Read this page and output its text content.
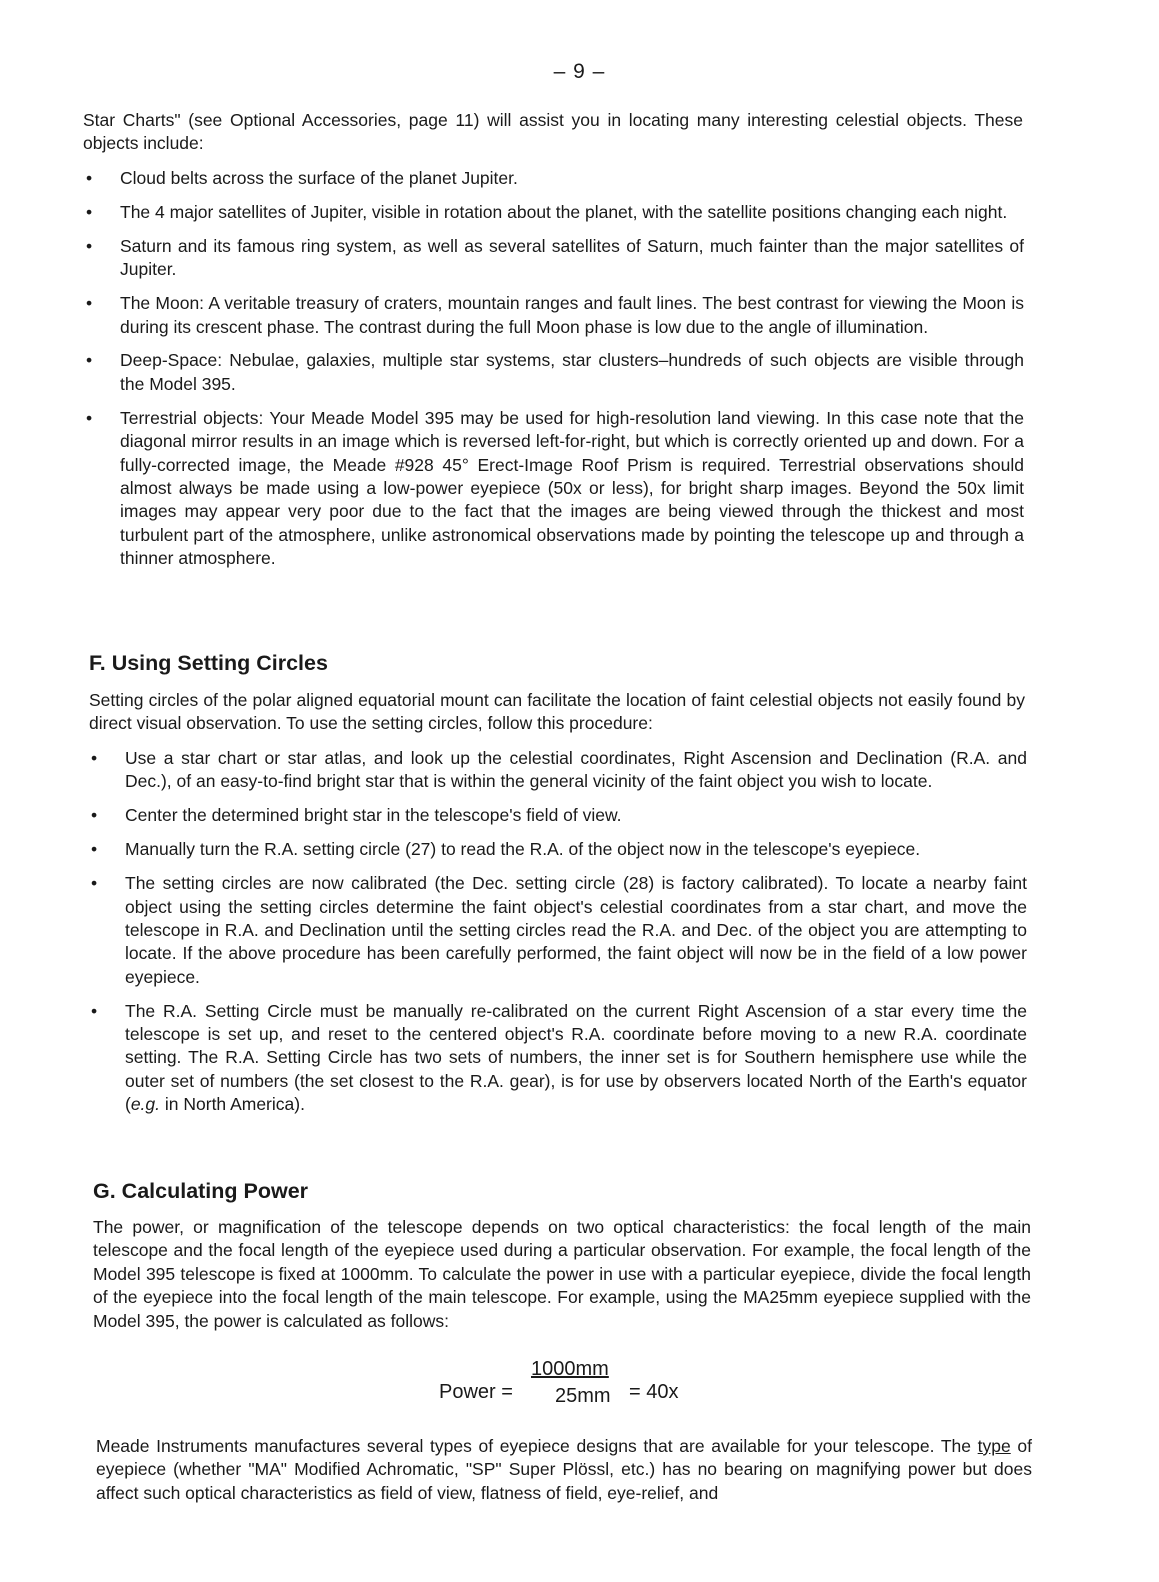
– 9 –

Star Charts" (see Optional Accessories, page 11) will assist you in locating many interesting celestial objects. These objects include:

• Cloud belts across the surface of the planet Jupiter.
• The 4 major satellites of Jupiter, visible in rotation about the planet, with the satellite positions changing each night.
• Saturn and its famous ring system, as well as several satellites of Saturn, much fainter than the major satellites of Jupiter.
• The Moon: A veritable treasury of craters, mountain ranges and fault lines. The best contrast for viewing the Moon is during its crescent phase. The contrast during the full Moon phase is low due to the angle of illumination.
• Deep-Space: Nebulae, galaxies, multiple star systems, star clusters–hundreds of such objects are visible through the Model 395.
• Terrestrial objects: Your Meade Model 395 may be used for high-resolution land viewing. In this case note that the diagonal mirror results in an image which is reversed left-for-right, but which is correctly oriented up and down. For a fully-corrected image, the Meade #928 45° Erect-Image Roof Prism is required. Terrestrial observations should almost always be made using a low-power eyepiece (50x or less), for bright sharp images. Beyond the 50x limit images may appear very poor due to the fact that the images are being viewed through the thickest and most turbulent part of the atmosphere, unlike astronomical observations made by pointing the telescope up and through a thinner atmosphere.
F. Using Setting Circles

Setting circles of the polar aligned equatorial mount can facilitate the location of faint celestial objects not easily found by direct visual observation. To use the setting circles, follow this procedure:

• Use a star chart or star atlas, and look up the celestial coordinates, Right Ascension and Declination (R.A. and Dec.), of an easy-to-find bright star that is within the general vicinity of the faint object you wish to locate.
• Center the determined bright star in the telescope's field of view.
• Manually turn the R.A. setting circle (27) to read the R.A. of the object now in the telescope's eyepiece.
• The setting circles are now calibrated (the Dec. setting circle (28) is factory calibrated). To locate a nearby faint object using the setting circles determine the faint object's celestial coordinates from a star chart, and move the telescope in R.A. and Declination until the setting circles read the R.A. and Dec. of the object you are attempting to locate. If the above procedure has been carefully performed, the faint object will now be in the field of a low power eyepiece.
• The R.A. Setting Circle must be manually re-calibrated on the current Right Ascension of a star every time the telescope is set up, and reset to the centered object's R.A. coordinate before moving to a new R.A. coordinate setting. The R.A. Setting Circle has two sets of numbers, the inner set is for Southern hemisphere use while the outer set of numbers (the set closest to the R.A. gear), is for use by observers located North of the Earth's equator (e.g. in North America).
G. Calculating Power

The power, or magnification of the telescope depends on two optical characteristics: the focal length of the main telescope and the focal length of the eyepiece used during a particular observation. For example, the focal length of the Model 395 telescope is fixed at 1000mm. To calculate the power in use with a particular eyepiece, divide the focal length of the eyepiece into the focal length of the main telescope. For example, using the MA25mm eyepiece supplied with the Model 395, the power is calculated as follows:

Power =
1000mm
25mm = 40x

Meade Instruments manufactures several types of eyepiece designs that are available for your telescope. The type of eyepiece (whether "MA" Modified Achromatic, "SP" Super Plössl, etc.) has no bearing on magnifying power but does affect such optical characteristics as field of view, flatness of field, eye-relief, and
